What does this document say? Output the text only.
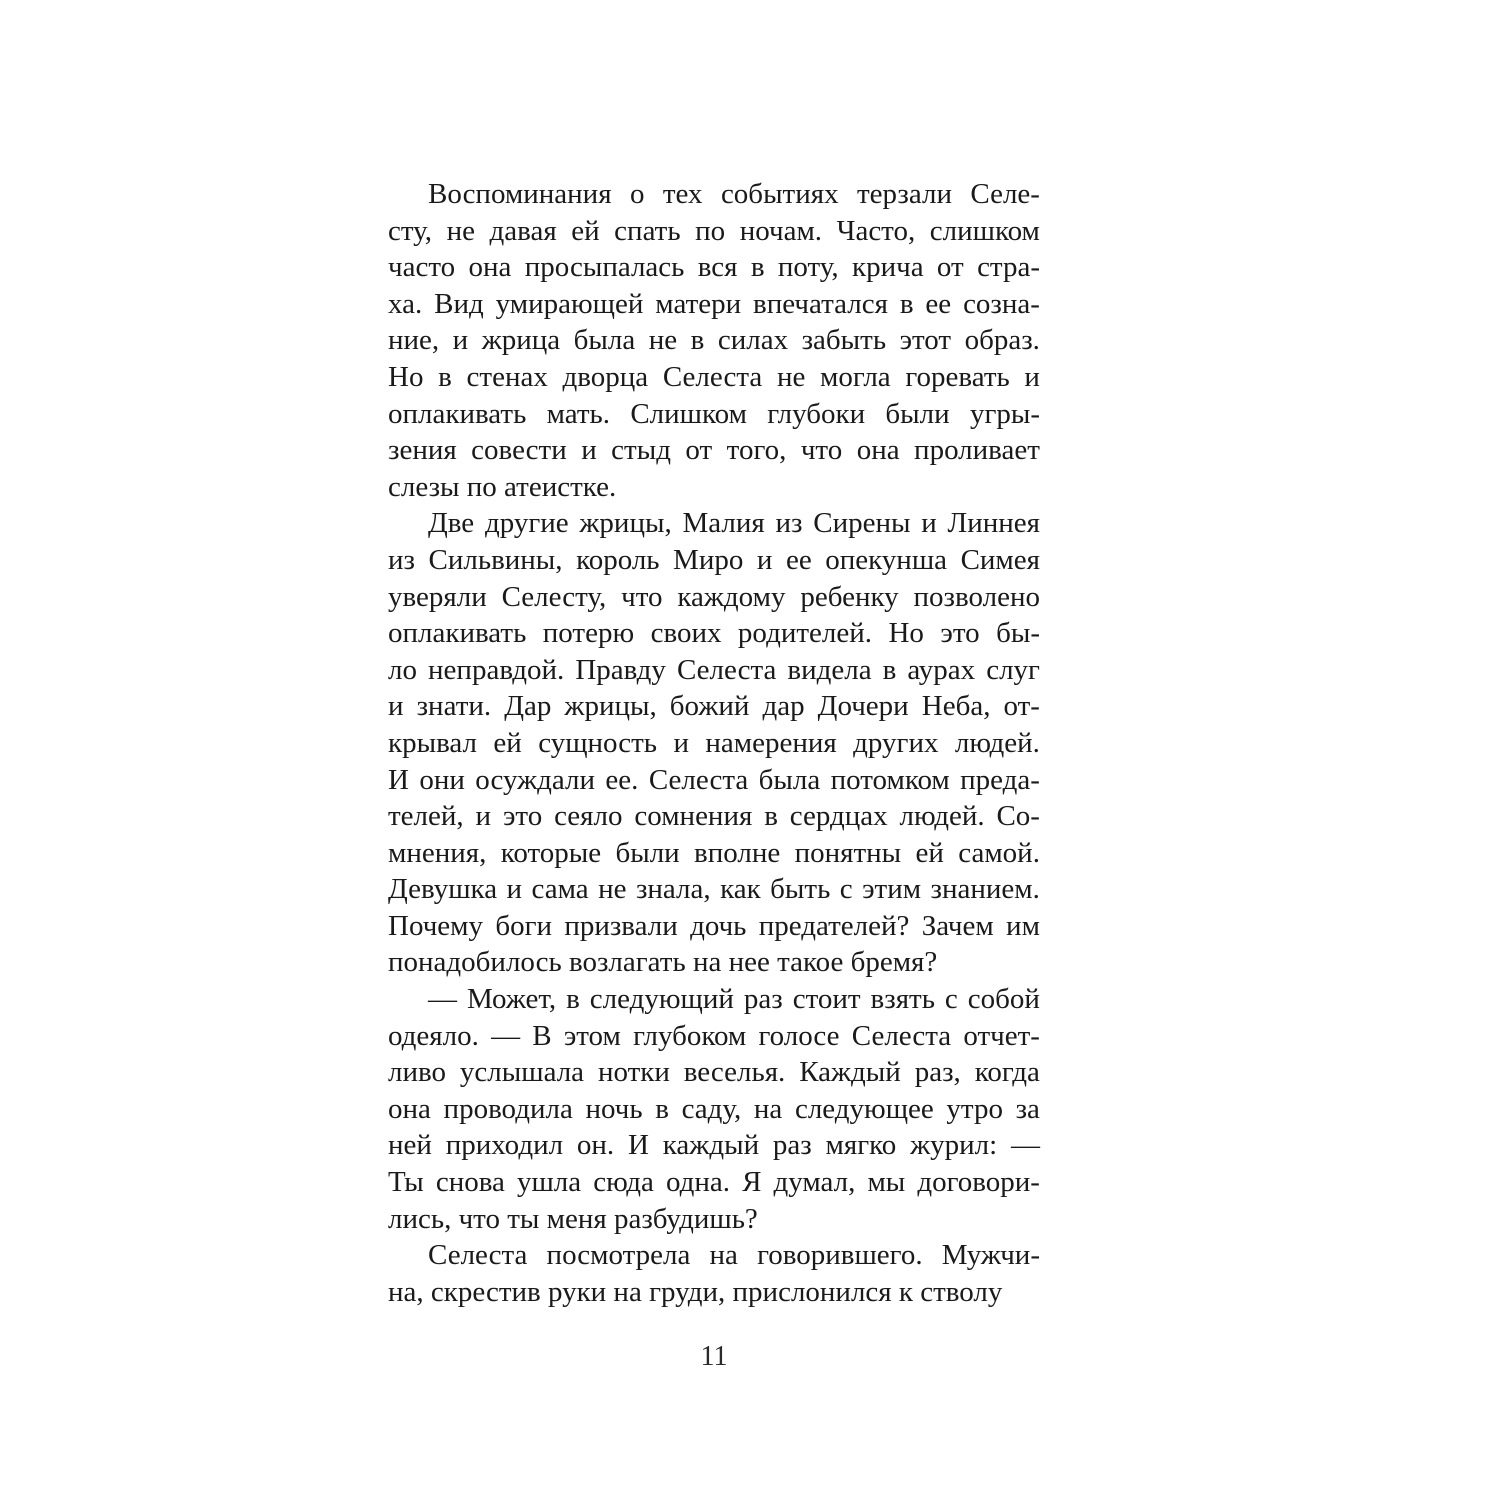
Воспоминания о тех событиях терзали Селе-
сту, не давая ей спать по ночам. Часто, слишком
часто она просыпалась вся в поту, крича от стра-
ха. Вид умирающей матери впечатался в ее созна-
ние, и жрица была не в силах забыть этот образ.
Но в стенах дворца Селеста не могла горевать и
оплакивать мать. Слишком глубоки были угры-
зения совести и стыд от того, что она проливает
слезы по атеистке.
Две другие жрицы, Малия из Сирены и Линнея
из Сильвины, король Миро и ее опекунша Симея
уверяли Селесту, что каждому ребенку позволено
оплакивать потерю своих родителей. Но это бы-
ло неправдой. Правду Селеста видела в аурах слуг
и знати. Дар жрицы, божий дар Дочери Неба, от-
крывал ей сущность и намерения других людей.
И они осуждали ее. Селеста была потомком преда-
телей, и это сеяло сомнения в сердцах людей. Со-
мнения, которые были вполне понятны ей самой.
Девушка и сама не знала, как быть с этим знанием.
Почему боги призвали дочь предателей? Зачем им
понадобилось возлагать на нее такое бремя?
— Может, в следующий раз стоит взять с собой
одеяло. — В этом глубоком голосе Селеста отчет-
ливо услышала нотки веселья. Каждый раз, когда
она проводила ночь в саду, на следующее утро за
ней приходил он. И каждый раз мягко журил: —
Ты снова ушла сюда одна. Я думал, мы договори-
лись, что ты меня разбудишь?
Селеста посмотрела на говорившего. Мужчи-
на, скрестив руки на груди, прислонился к стволу
11
